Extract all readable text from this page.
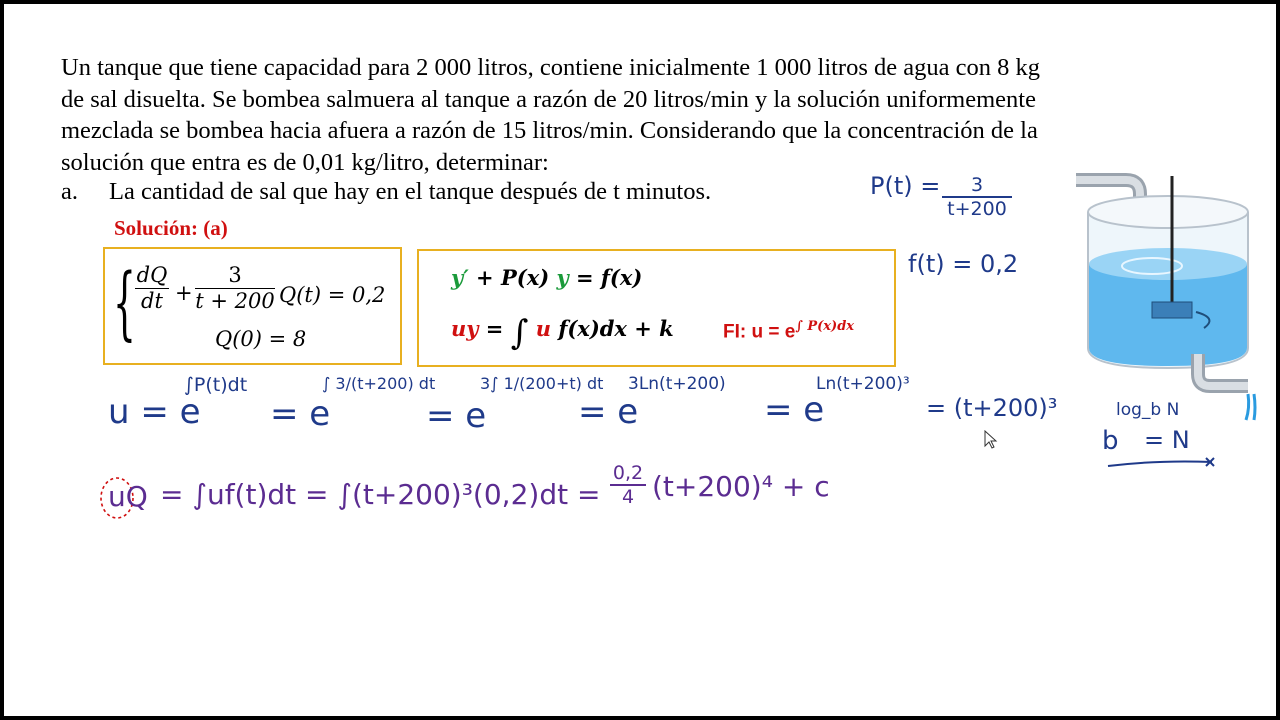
Un tanque que tiene capacidad para 2 000 litros, contiene inicialmente 1 000 litros de agua con 8 kg
de sal disuelta. Se bombea salmuera al tanque a razón de 20 litros/min y la solución uniformemente
mezclada se bombea hacia afuera a razón de 15 litros/min. Considerando que la concentración de la
solución que entra es de 0,01 kg/litro, determinar:
a. La cantidad de sal que hay en el tanque después de t minutos.
Solución: (a)
{ $\frac{dQ}{dt} + \frac{3}{t + 200} Q(t) = 0,2$
Q(0) = 8
y′ + P(x) y = f(x)
uy = ∫ u f(x)dx + k	FI: $u = e^{\int P(x)dx}$
$P(t) = \frac{3}{t+200}$
f(t) = 0,2
u = e
∫P(t)dt
= e
∫ 3/(t+200) dt
= e
3∫ 1/(200+t) dt
= e
3Ln(t+200)
= e
Ln(t+200)³
= (t+200)³
b
log_b N
= N
uQ = $\int uf(t)dt = \int(t+200)^3(0,2)dt = \frac{0,2}{4} (t+200)^4 + c$
